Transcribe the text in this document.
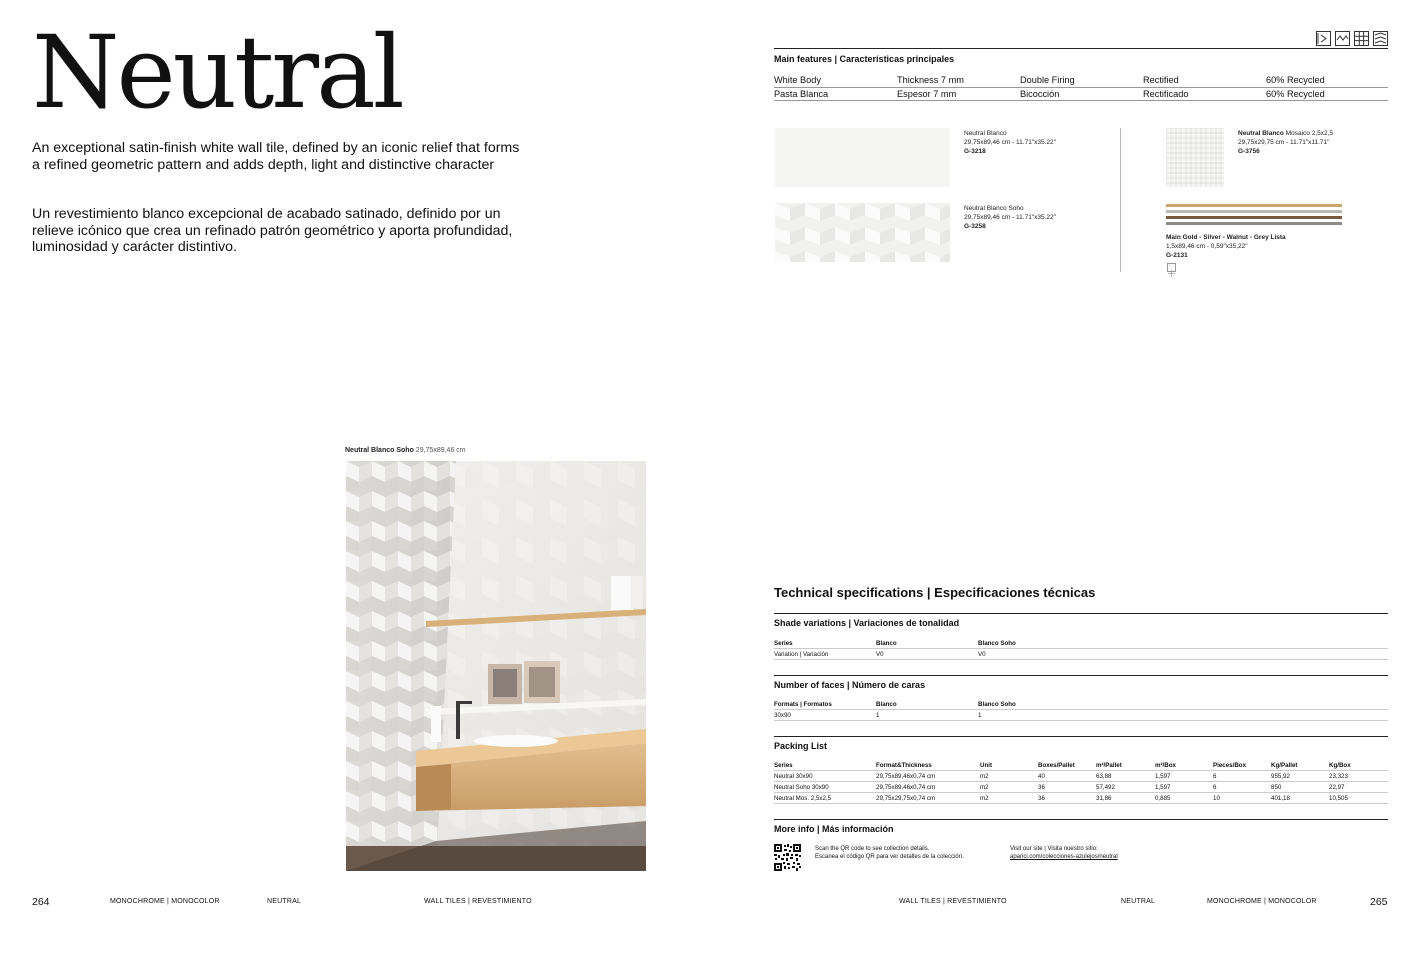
Neutral

An exceptional satin-finish white wall tile, defined by an iconic relief that forms a refined geometric pattern and adds depth, light and distinctive character

Un revestimiento blanco excepcional de acabado satinado, definido por un relieve icónico que crea un refinado patrón geométrico y aporta profundidad, luminosidad y carácter distintivo.

Neutral Blanco Soho 29,75x89,46 cm
264	MONOCHROME | MONOCOLOR	NEUTRAL	WALL TILES | REVESTIMIENTO
Main features | Características principales
White Body	Thickness 7 mm	Double Firing	Rectified	60% Recycled
Pasta Blanca	Espesor 7 mm	Bicocción	Rectificado	60% Recycled
Neutral Blanco
29,75x89,46 cm - 11.71"x35.22"
G-3218
Neutral Blanco Soho
29,75x89,46 cm - 11.71"x35.22"
G-3258
Neutral Blanco Mosaico 2,5x2,5
29,75x29,75 cm - 11.71"x11.71"
G-3756
Main Gold - Silver - Walnut - Grey Lista
1,5x89,46 cm - 0,59"x35,22"
G-2131
Technical specifications | Especificaciones técnicas
Shade variations | Variaciones de tonalidad
Series	Blanco	Blanco Soho
Variation | Variación	V0	V0
Number of faces | Número de caras
Formats | Formatos	Blanco	Blanco Soho
30x90	1	1
Packing List
Series	Format&Thickness	Unit	Boxes/Pallet	m²/Pallet	m²/Box	Pieces/Box	Kg/Pallet	Kg/Box
Neutral 30x90	29,75x89,46x0,74 cm	m2	40	63,88	1,597	6	955,92	23,323
Neutral Soho 30x90	29,75x89,46x0,74 cm	m2	36	57,492	1,597	6	850	22,97
Neutral Mos. 2,5x2,5	29,75x29,75x0,74 cm	m2	36	31,86	0,885	10	401,18	10,505
More info | Más información
Scan the QR code to see collection details.
Escanea el código QR para ver detalles de la colección.
Visit our site | Visita nuestro sitio:
aparici.com/colecciones-azulejos/neutral
WALL TILES | REVESTIMIENTO	NEUTRAL	MONOCHROME | MONOCOLOR	265
